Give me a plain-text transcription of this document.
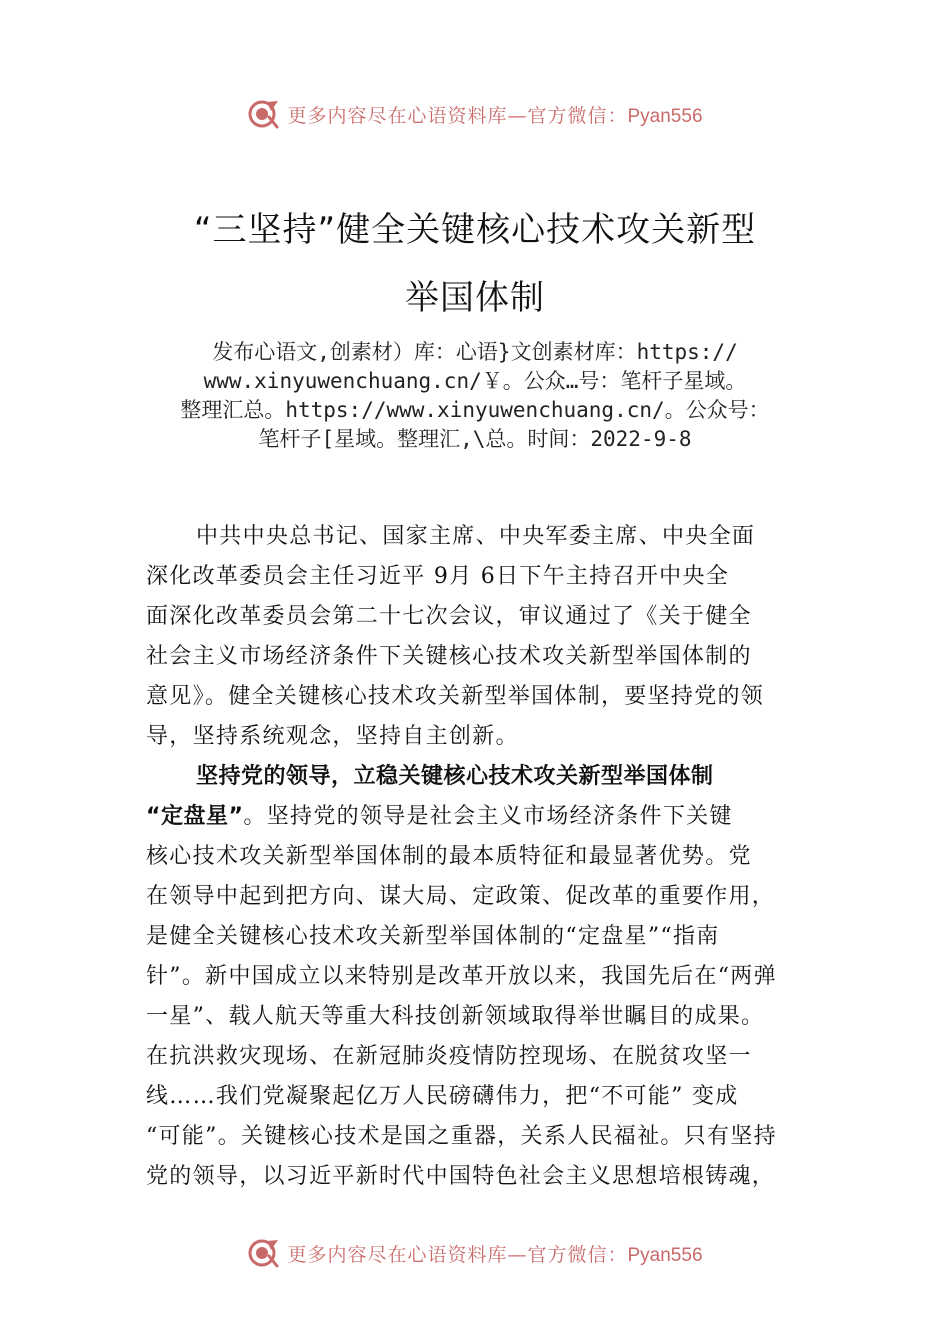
更多内容尽在心语资料库—官方微信：Pyan556
“三坚持”健全关键核心技术攻关新型
举国体制
发布心语文,创素材）库：心语}文创素材库：https://
www.xinyuwenchuang.cn/￥。公众…号：笔杆子星域。
整理汇总。https://www.xinyuwenchuang.cn/。公众号：
笔杆子[星域。整理汇,\总。时间：2022-9-8
中共中央总书记、国家主席、中央军委主席、中央全面
深化改革委员会主任习近平 9月 6日下午主持召开中央全
面深化改革委员会第二十七次会议，审议通过了《关于健全
社会主义市场经济条件下关键核心技术攻关新型举国体制的
意见》。健全关键核心技术攻关新型举国体制，要坚持党的领
导，坚持系统观念，坚持自主创新。
坚持党的领导，立稳关键核心技术攻关新型举国体制
“定盘星”。坚持党的领导是社会主义市场经济条件下关键
核心技术攻关新型举国体制的最本质特征和最显著优势。党
在领导中起到把方向、谋大局、定政策、促改革的重要作用，
是健全关键核心技术攻关新型举国体制的“定盘星”“指南
针”。新中国成立以来特别是改革开放以来，我国先后在“两弹
一星”、载人航天等重大科技创新领域取得举世瞩目的成果。
在抗洪救灾现场、在新冠肺炎疫情防控现场、在脱贫攻坚一
线……我们党凝聚起亿万人民磅礴伟力，把“不可能” 变成
“可能”。关键核心技术是国之重器，关系人民福祉。只有坚持
党的领导，以习近平新时代中国特色社会主义思想培根铸魂，
更多内容尽在心语资料库—官方微信：Pyan556
